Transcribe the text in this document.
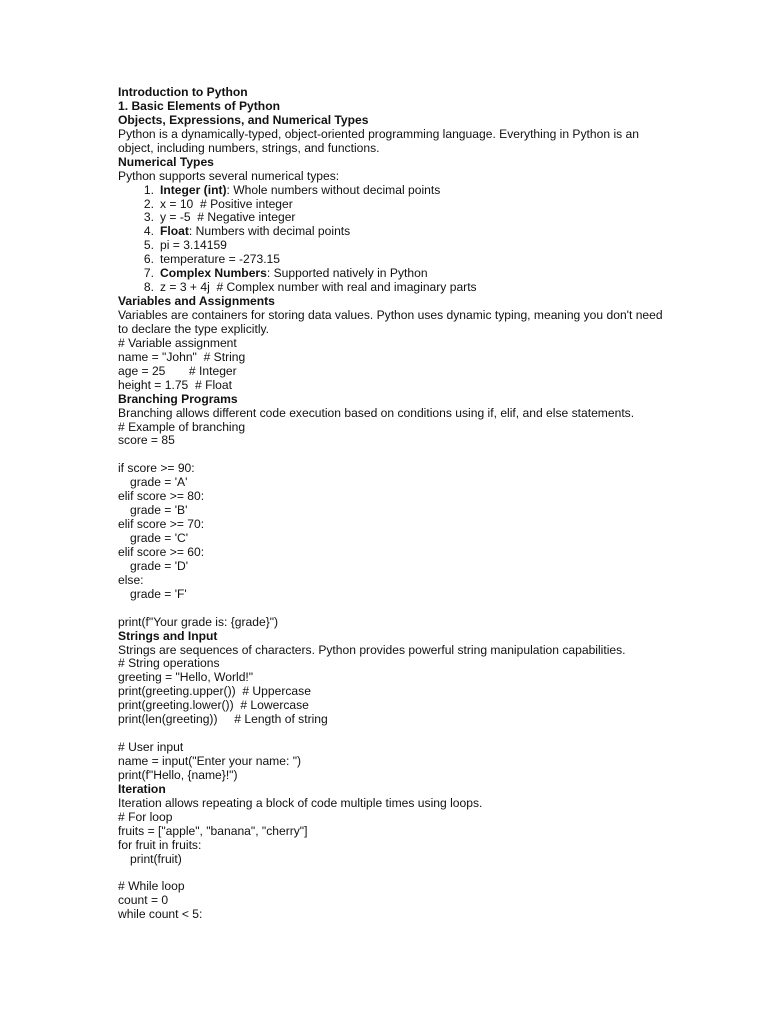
Introduction to Python
1. Basic Elements of Python
Objects, Expressions, and Numerical Types
Python is a dynamically-typed, object-oriented programming language. Everything in Python is an
object, including numbers, strings, and functions.
Numerical Types
Python supports several numerical types:
1. Integer (int): Whole numbers without decimal points
2. x = 10  # Positive integer
3. y = -5  # Negative integer
4. Float: Numbers with decimal points
5. pi = 3.14159
6. temperature = -273.15
7. Complex Numbers: Supported natively in Python
8. z = 3 + 4j  # Complex number with real and imaginary parts
Variables and Assignments
Variables are containers for storing data values. Python uses dynamic typing, meaning you don't need
to declare the type explicitly.
# Variable assignment
name = "John"  # String
age = 25       # Integer
height = 1.75  # Float
Branching Programs
Branching allows different code execution based on conditions using if, elif, and else statements.
# Example of branching
score = 85
if score >= 90:
grade = 'A'
elif score >= 80:
grade = 'B'
elif score >= 70:
grade = 'C'
elif score >= 60:
grade = 'D'
else:
grade = 'F'
print(f"Your grade is: {grade}")
Strings and Input
Strings are sequences of characters. Python provides powerful string manipulation capabilities.
# String operations
greeting = "Hello, World!"
print(greeting.upper())  # Uppercase
print(greeting.lower())  # Lowercase
print(len(greeting))     # Length of string
# User input
name = input("Enter your name: ")
print(f"Hello, {name}!")
Iteration
Iteration allows repeating a block of code multiple times using loops.
# For loop
fruits = ["apple", "banana", "cherry"]
for fruit in fruits:
print(fruit)
# While loop
count = 0
while count < 5:
